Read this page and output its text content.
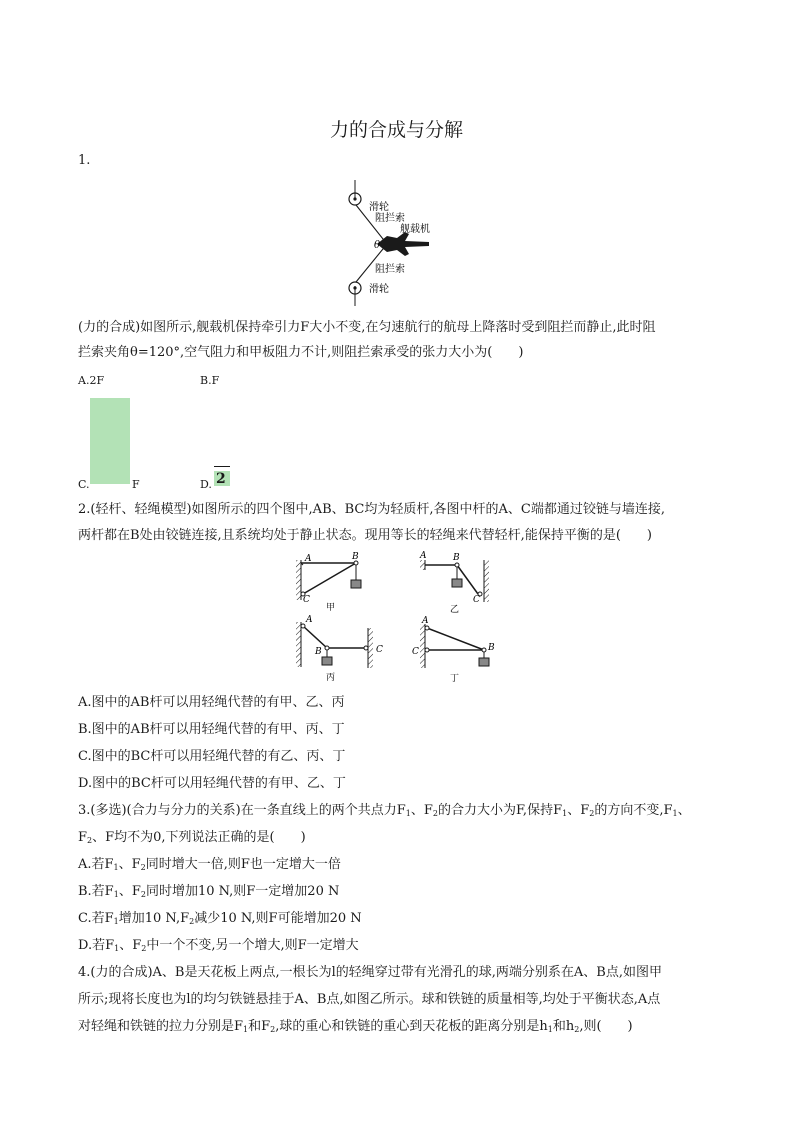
力的合成与分解
1.
滑轮
滑轮
阻拦索
阻拦索
舰载机
θ
(力的合成)如图所示,舰载机保持牵引力F大小不变,在匀速航行的航母上降落时受到阻拦而静止,此时阻
拦索夹角θ=120°,空气阻力和甲板阻力不计,则阻拦索承受的张力大小为(　　)
A.2F	B.F
C.	F	D. 2
2.(轻杆、轻绳模型)如图所示的四个图中,AB、BC均为轻质杆,各图中杆的A、C端都通过铰链与墙连接,
两杆都在B处由铰链连接,且系统均处于静止状态。现用等长的轻绳来代替轻杆,能保持平衡的是(　　)
A	B
C
甲
A	B
C
乙
A
B	C
丙
A
B
C
丁
A.图中的AB杆可以用轻绳代替的有甲、乙、丙
B.图中的AB杆可以用轻绳代替的有甲、丙、丁
C.图中的BC杆可以用轻绳代替的有乙、丙、丁
D.图中的BC杆可以用轻绳代替的有甲、乙、丁
3.(多选)(合力与分力的关系)在一条直线上的两个共点力$F_1$、$F_2$的合力大小为F,保持$F_1$、$F_2$的方向不变$,F_1$、
$F_2$、F均不为0,下列说法正确的是(　　)
A.若$F_1$、$F_2$同时增大一倍,则F也一定增大一倍
B.若$F_1$、$F_2$同时增加10 N,则F一定增加20 N
C.若$F_1$增加10 $N,F_2$减少10 N,则F可能增加20 N
D.若$F_1$、$F_2$中一个不变,另一个增大,则F一定增大
4.(力的合成)A、B是天花板上两点,一根长为l的轻绳穿过带有光滑孔的球,两端分别系在A、B点,如图甲
所示;现将长度也为l的均匀铁链悬挂于A、B点,如图乙所示。球和铁链的质量相等,均处于平衡状态,A点
对轻绳和铁链的拉力分别是$F_1$和$F_2$,球的重心和铁链的重心到天花板的距离分别是$h_1$和$h_2$,则(　　)
